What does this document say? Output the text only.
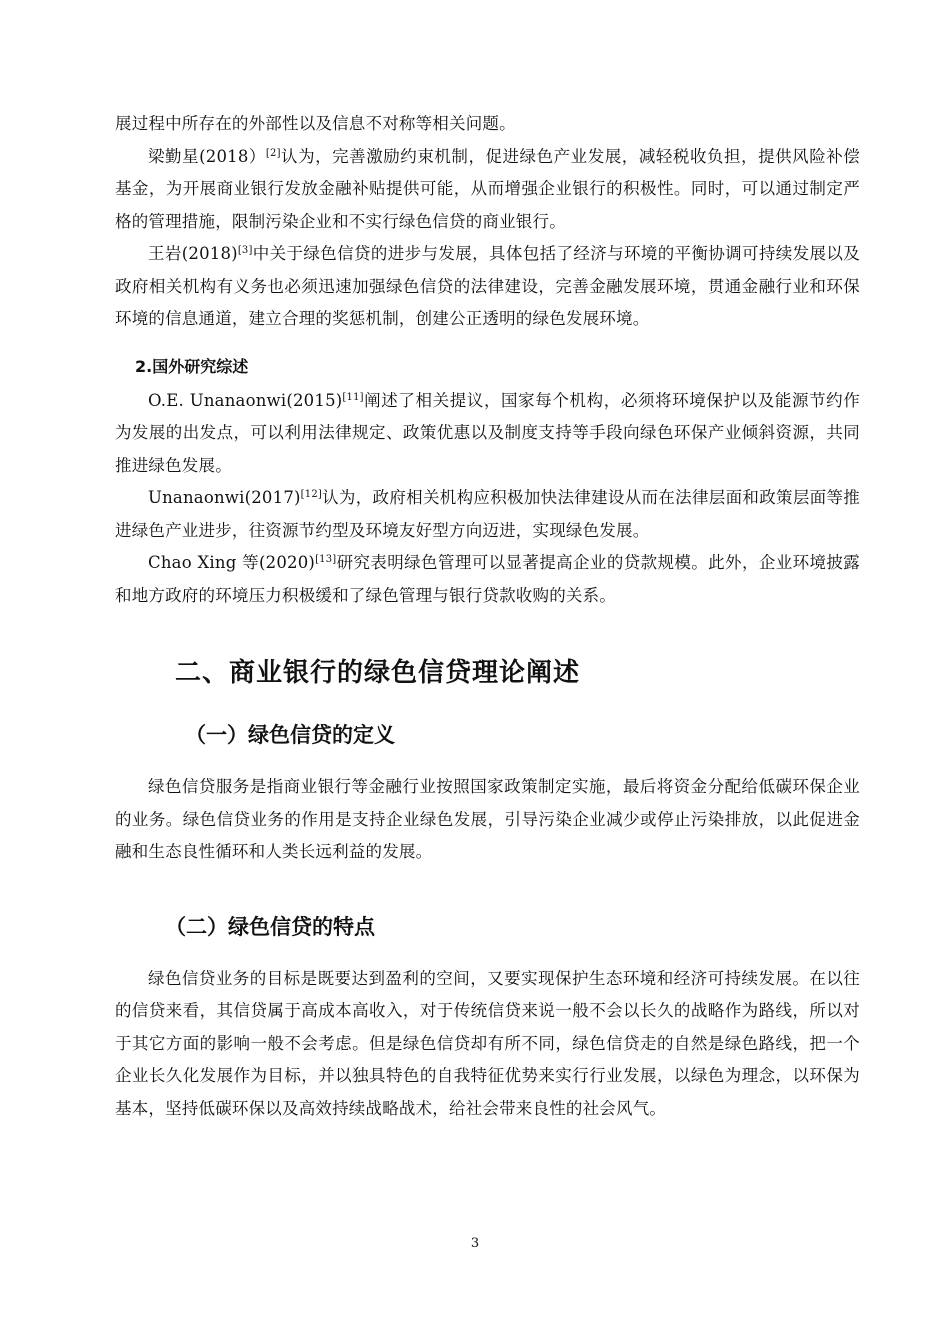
展过程中所存在的外部性以及信息不对称等相关问题。

梁勤星(2018）[2]认为，完善激励约束机制，促进绿色产业发展，减轻税收负担，提供风险补偿基金，为开展商业银行发放金融补贴提供可能，从而增强企业银行的积极性。同时，可以通过制定严格的管理措施，限制污染企业和不实行绿色信贷的商业银行。

王岩(2018)[3]中关于绿色信贷的进步与发展，具体包括了经济与环境的平衡协调可持续发展以及政府相关机构有义务也必须迅速加强绿色信贷的法律建设，完善金融发展环境，贯通金融行业和环保环境的信息通道，建立合理的奖惩机制，创建公正透明的绿色发展环境。

2.国外研究综述

O.E. Unanaonwi(2015)[11]阐述了相关提议，国家每个机构，必须将环境保护以及能源节约作为发展的出发点，可以利用法律规定、政策优惠以及制度支持等手段向绿色环保产业倾斜资源，共同推进绿色发展。

Unanaonwi(2017)[12]认为，政府相关机构应积极加快法律建设从而在法律层面和政策层面等推进绿色产业进步，往资源节约型及环境友好型方向迈进，实现绿色发展。

Chao Xing 等(2020)[13]研究表明绿色管理可以显著提高企业的贷款规模。此外，企业环境披露和地方政府的环境压力积极缓和了绿色管理与银行贷款收购的关系。

二、商业银行的绿色信贷理论阐述
（一）绿色信贷的定义

绿色信贷服务是指商业银行等金融行业按照国家政策制定实施，最后将资金分配给低碳环保企业的业务。绿色信贷业务的作用是支持企业绿色发展，引导污染企业减少或停止污染排放，以此促进金融和生态良性循环和人类长远利益的发展。

（二）绿色信贷的特点

绿色信贷业务的目标是既要达到盈利的空间，又要实现保护生态环境和经济可持续发展。在以往的信贷来看，其信贷属于高成本高收入，对于传统信贷来说一般不会以长久的战略作为路线，所以对于其它方面的影响一般不会考虑。但是绿色信贷却有所不同，绿色信贷走的自然是绿色路线，把一个企业长久化发展作为目标，并以独具特色的自我特征优势来实行行业发展，以绿色为理念，以环保为基本，坚持低碳环保以及高效持续战略战术，给社会带来良性的社会风气。

3
